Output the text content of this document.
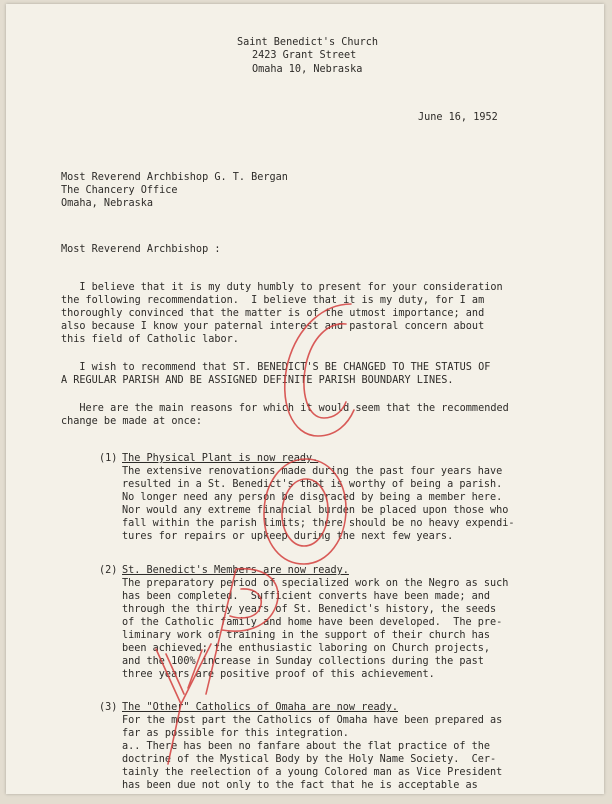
Saint Benedict's Church
2423 Grant Street
Omaha 10, Nebraska
June 16, 1952
Most Reverend Archbishop G. T. Bergan
The Chancery Office
Omaha, Nebraska
Most Reverend Archbishop :
I believe that it is my duty humbly to present for your consideration
the following recommendation.  I believe that it is my duty, for I am
thoroughly convinced that the matter is of the utmost importance; and
also because I know your paternal interest and pastoral concern about
this field of Catholic labor.
I wish to recommend that ST. BENEDICT'S BE CHANGED TO THE STATUS OF
A REGULAR PARISH AND BE ASSIGNED DEFINITE PARISH BOUNDARY LINES.
Here are the main reasons for which it would seem that the recommended
change be made at once:
(1) The Physical Plant is now ready.
The extensive renovations made during the past four years have
resulted in a St. Benedict's that is worthy of being a parish.
No longer need any person be disgraced by being a member here.
Nor would any extreme financial burden be placed upon those who
fall within the parish limits; there should be no heavy expendi-
tures for repairs or upkeep during the next few years.
(2) St. Benedict's Members are now ready.
The preparatory period of specialized work on the Negro as such
has been completed.  Sufficient converts have been made; and
through the thirty years of St. Benedict's history, the seeds
of the Catholic family and home have been developed.  The pre-
liminary work of training in the support of their church has
been achieved; the enthusiastic laboring on Church projects,
and the 100% increase in Sunday collections during the past
three years are positive proof of this achievement.
(3) The "Other" Catholics of Omaha are now ready.
For the most part the Catholics of Omaha have been prepared as
far as possible for this integration.
a.. There has been no fanfare about the flat practice of the
doctrine of the Mystical Body by the Holy Name Society.  Cer-
tainly the reelection of a young Colored man as Vice President
has been due not only to the fact that he is acceptable as
